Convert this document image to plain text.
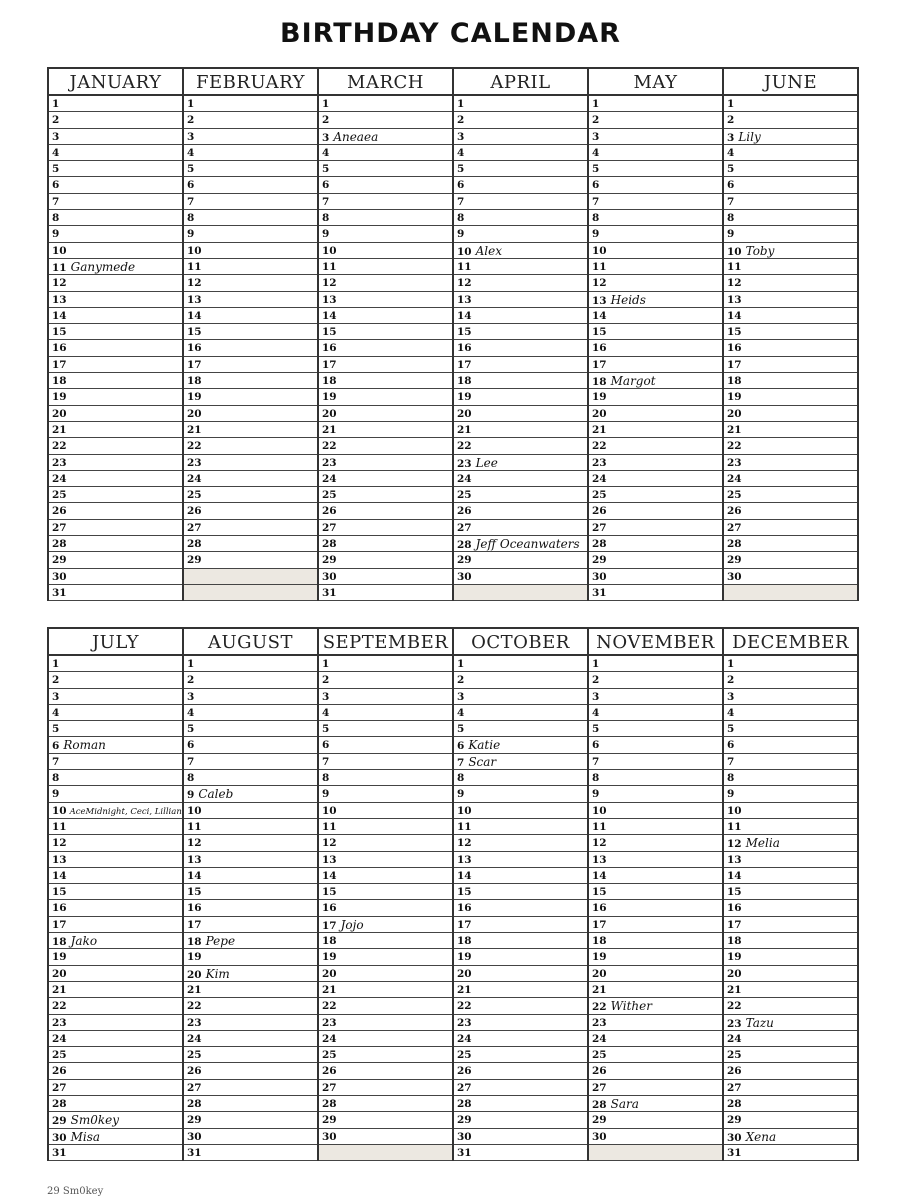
BIRTHDAY CALENDAR
JANUARY
1
2
3
4
5
6
7
8
9
10
11 Ganymede
12
13
14
15
16
17
18
19
20
21
22
23
24
25
26
27
28
29
30
31
FEBRUARY
1
2
3
4
5
6
7
8
9
10
11
12
13
14
15
16
17
18
19
20
21
22
23
24
25
26
27
28
29
MARCH
1
2
3 Aneaea
4
5
6
7
8
9
10
11
12
13
14
15
16
17
18
19
20
21
22
23
24
25
26
27
28
29
30
31
APRIL
1
2
3
4
5
6
7
8
9
10 Alex
11
12
13
14
15
16
17
18
19
20
21
22
23 Lee
24
25
26
27
28 Jeff Oceanwaters
29
30
MAY
1
2
3
4
5
6
7
8
9
10
11
12
13 Heids
14
15
16
17
18 Margot
19
20
21
22
23
24
25
26
27
28
29
30
31
JUNE
1
2
3 Lily
4
5
6
7
8
9
10 Toby
11
12
13
14
15
16
17
18
19
20
21
22
23
24
25
26
27
28
29
30
JULY
1
2
3
4
5
6 Roman
7
8
9
10 AceMidnight, Ceci, Lillian
11
12
13
14
15
16
17
18 Jako
19
20
21
22
23
24
25
26
27
28
29 Sm0key
30 Misa
31
AUGUST
1
2
3
4
5
6
7
8
9 Caleb
10
11
12
13
14
15
16
17
18 Pepe
19
20 Kim
21
22
23
24
25
26
27
28
29
30
31
SEPTEMBER
1
2
3
4
5
6
7
8
9
10
11
12
13
14
15
16
17 Jojo
18
19
20
21
22
23
24
25
26
27
28
29
30
OCTOBER
1
2
3
4
5
6 Katie
7 Scar
8
9
10
11
12
13
14
15
16
17
18
19
20
21
22
23
24
25
26
27
28
29
30
31
NOVEMBER
1
2
3
4
5
6
7
8
9
10
11
12
13
14
15
16
17
18
19
20
21
22 Wither
23
24
25
26
27
28 Sara
29
30
DECEMBER
1
2
3
4
5
6
7
8
9
10
11
12 Melia
13
14
15
16
17
18
19
20
21
22
23 Tazu
24
25
26
27
28
29
30 Xena
31
29 Sm0key
